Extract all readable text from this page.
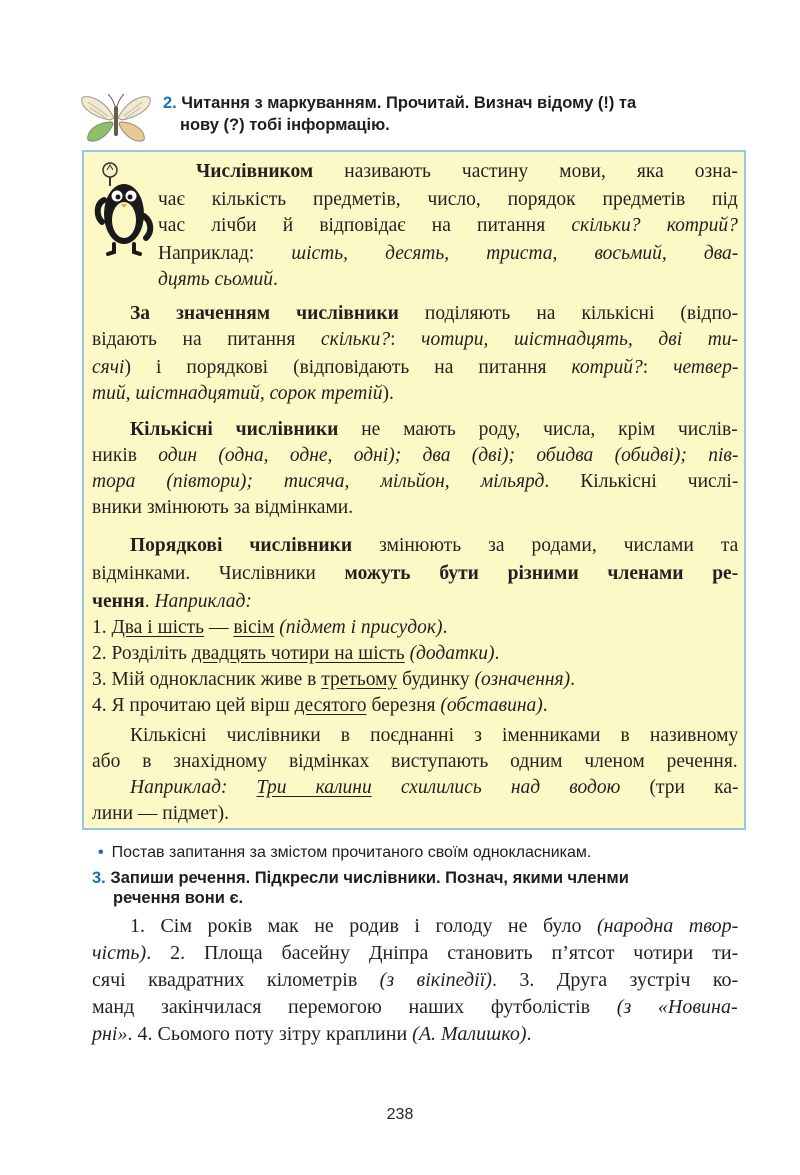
2. Читання з маркуванням. Прочитай. Визнач відому (!) та
нову (?) тобі інформацію.
Числівником називають частину мови, яка озна-
чає кількість предметів, число, порядок предметів під
час лічби й відповідає на питання скільки? котрий?
Наприклад: шість, десять, триста, восьмий, два-
дцять сьомий.
За значенням числівники поділяють на кількісні (відпо-
відають на питання скільки?: чотири, шістнадцять, дві ти-
сячі) і порядкові (відповідають на питання котрий?: четвер-
тий, шістнадцятий, сорок третій).
Кількісні числівники не мають роду, числа, крім числів-
ників один (одна, одне, одні); два (дві); обидва (обидві); пів-
тора (півтори); тисяча, мільйон, мільярд. Кількісні числі-
вники змінюють за відмінками.
Порядкові числівники змінюють за родами, числами та
відмінками. Числівники можуть бути різними членами ре-
чення. Наприклад:
1. Два і шість — вісім (підмет і присудок).
2. Розділіть двадцять чотири на шість (додатки).
3. Мій однокласник живе в третьому будинку (означення).
4. Я прочитаю цей вірш десятого березня (обставина).
Кількісні числівники в поєднанні з іменниками в називному
або в знахідному відмінках виступають одним членом речення.
Наприклад: Три калини схилились над водою (три ка-
лини — підмет).
• Постав запитання за змістом прочитаного своїм однокласникам.
3. Запиши речення. Підкресли числівники. Познач, якими членми
речення вони є.
1. Сім років мак не родив і голоду не було (народна твор-
чість). 2. Площа басейну Дніпра становить п’ятсот чотири ти-
сячі квадратних кілометрів (з вікіпедії). 3. Друга зустріч ко-
манд закінчилася перемогою наших футболістів (з «Новина-
рні». 4. Сьомого поту зітру краплини (А. Малишко).
238
